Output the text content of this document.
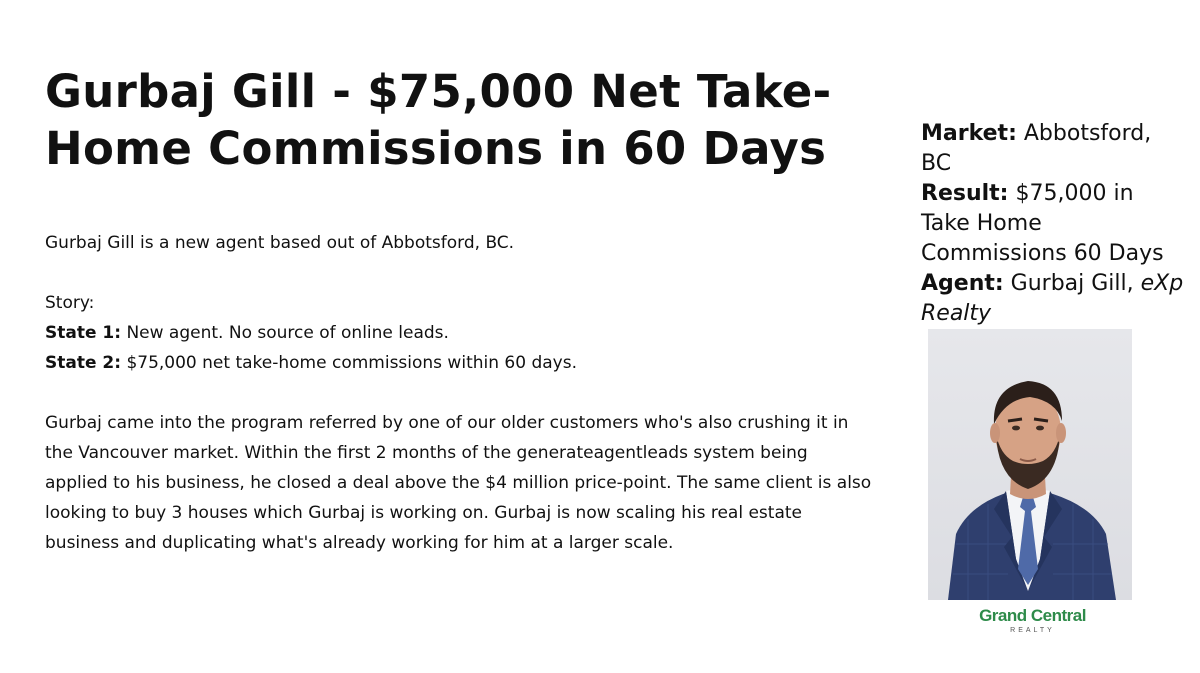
Gurbaj Gill - $75,000 Net Take-Home Commissions in 60 Days

Gurbaj Gill is a new agent based out of Abbotsford, BC.

Story:

State 1: New agent. No source of online leads.

State 2: $75,000 net take-home commissions within 60 days.

Gurbaj came into the program referred by one of our older customers who's also crushing it in the Vancouver market. Within the first 2 months of the generateagentleads system being applied to his business, he closed a deal above the $4 million price-point. The same client is also looking to buy 3 houses which Gurbaj is working on. Gurbaj is now scaling his real estate business and duplicating what's already working for him at a larger scale.

Market: Abbotsford, BC

Result: $75,000 in Take Home Commissions 60 Days

Agent: Gurbaj Gill, eXp Realty

Grand Central
REALTY
